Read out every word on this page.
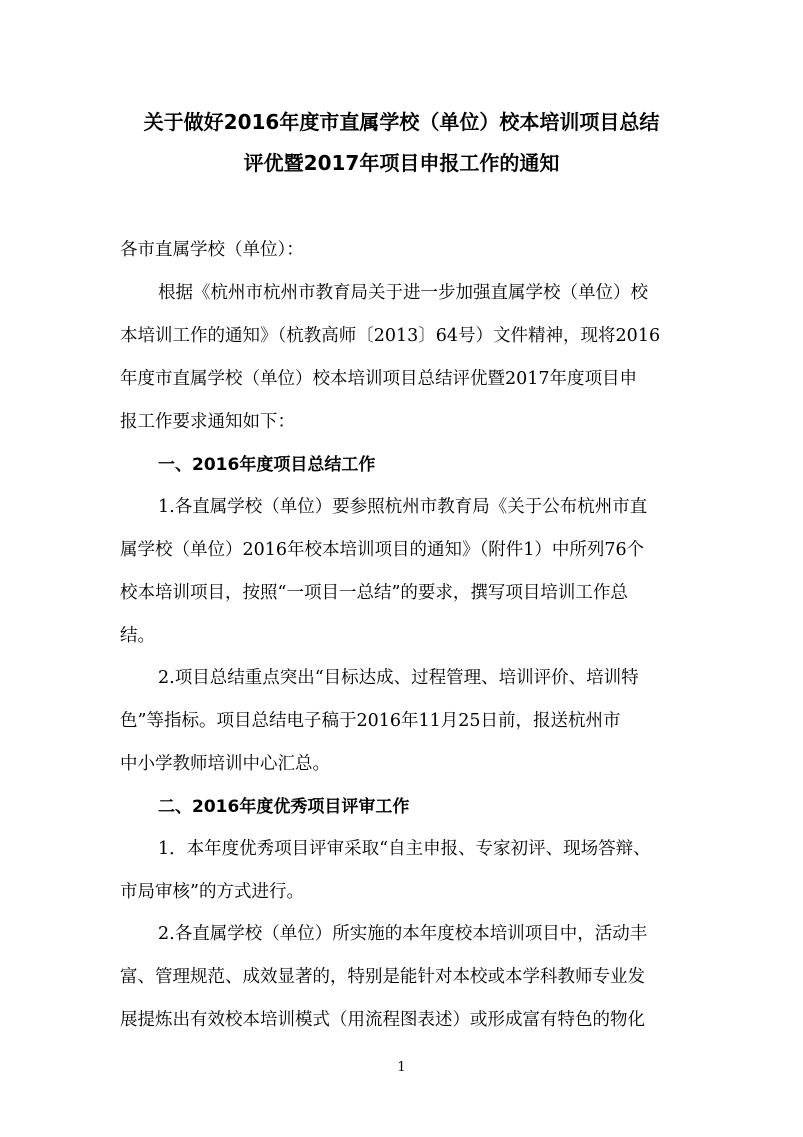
关于做好2016年度市直属学校（单位）校本培训项目总结
评优暨2017年项目申报工作的通知
各市直属学校（单位）：
根据《杭州市杭州市教育局关于进一步加强直属学校（单位）校
本培训工作的通知》（杭教高师〔2013〕64号）文件精神，现将2016
年度市直属学校（单位）校本培训项目总结评优暨2017年度项目申
报工作要求通知如下：
一、2016年度项目总结工作
1.各直属学校（单位）要参照杭州市教育局《关于公布杭州市直
属学校（单位）2016年校本培训项目的通知》（附件1）中所列76个
校本培训项目，按照“一项目一总结”的要求，撰写项目培训工作总
结。
2.项目总结重点突出“目标达成、过程管理、培训评价、培训特
色”等指标。项目总结电子稿于2016年11月25日前，报送杭州市
中小学教师培训中心汇总。
二、2016年度优秀项目评审工作
1．本年度优秀项目评审采取“自主申报、专家初评、现场答辩、
市局审核”的方式进行。
2.各直属学校（单位）所实施的本年度校本培训项目中，活动丰
富、管理规范、成效显著的，特别是能针对本校或本学科教师专业发
展提炼出有效校本培训模式（用流程图表述）或形成富有特色的物化
1
